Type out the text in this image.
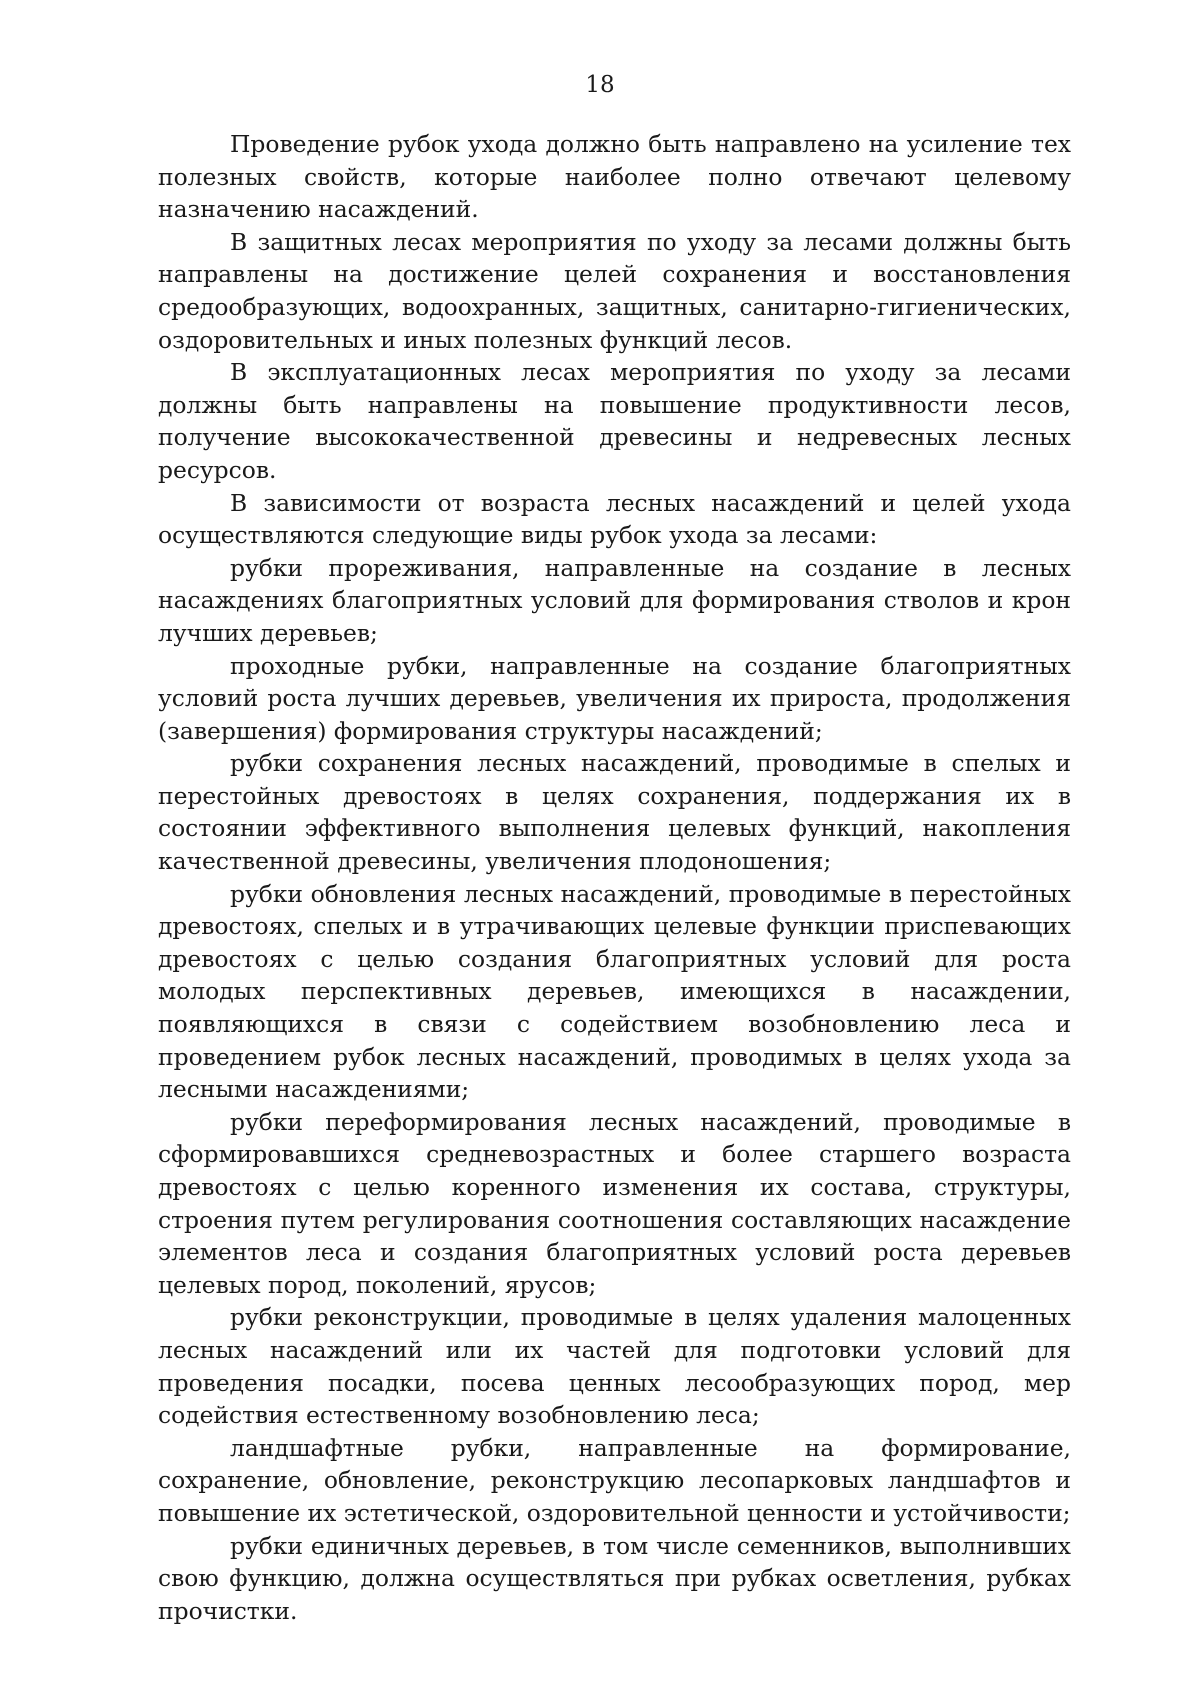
18

Проведение рубок ухода должно быть направлено на усиление тех полезных свойств, которые наиболее полно отвечают целевому назначению насаждений.

В защитных лесах мероприятия по уходу за лесами должны быть направлены на достижение целей сохранения и восстановления средообразующих, водоохранных, защитных, санитарно-гигиенических, оздоровительных и иных полезных функций лесов.

В эксплуатационных лесах мероприятия по уходу за лесами должны быть направлены на повышение продуктивности лесов, получение высококачественной древесины и недревесных лесных ресурсов.

В зависимости от возраста лесных насаждений и целей ухода осуществляются следующие виды рубок ухода за лесами:

рубки прореживания, направленные на создание в лесных насаждениях благоприятных условий для формирования стволов и крон лучших деревьев;

проходные рубки, направленные на создание благоприятных условий роста лучших деревьев, увеличения их прироста, продолжения (завершения) формирования структуры насаждений;

рубки сохранения лесных насаждений, проводимые в спелых и перестойных древостоях в целях сохранения, поддержания их в состоянии эффективного выполнения целевых функций, накопления качественной древесины, увеличения плодоношения;

рубки обновления лесных насаждений, проводимые в перестойных древостоях, спелых и в утрачивающих целевые функции приспевающих древостоях с целью создания благоприятных условий для роста молодых перспективных деревьев, имеющихся в насаждении, появляющихся в связи с содействием возобновлению леса и проведением рубок лесных насаждений, проводимых в целях ухода за лесными насаждениями;

рубки переформирования лесных насаждений, проводимые в сформировавшихся средневозрастных и более старшего возраста древостоях с целью коренного изменения их состава, структуры, строения путем регулирования соотношения составляющих насаждение элементов леса и создания благоприятных условий роста деревьев целевых пород, поколений, ярусов;

рубки реконструкции, проводимые в целях удаления малоценных лесных насаждений или их частей для подготовки условий для проведения посадки, посева ценных лесообразующих пород, мер содействия естественному возобновлению леса;

ландшафтные рубки, направленные на формирование, сохранение, обновление, реконструкцию лесопарковых ландшафтов и повышение их эстетической, оздоровительной ценности и устойчивости;

рубки единичных деревьев, в том числе семенников, выполнивших свою функцию, должна осуществляться при рубках осветления, рубках прочистки.
